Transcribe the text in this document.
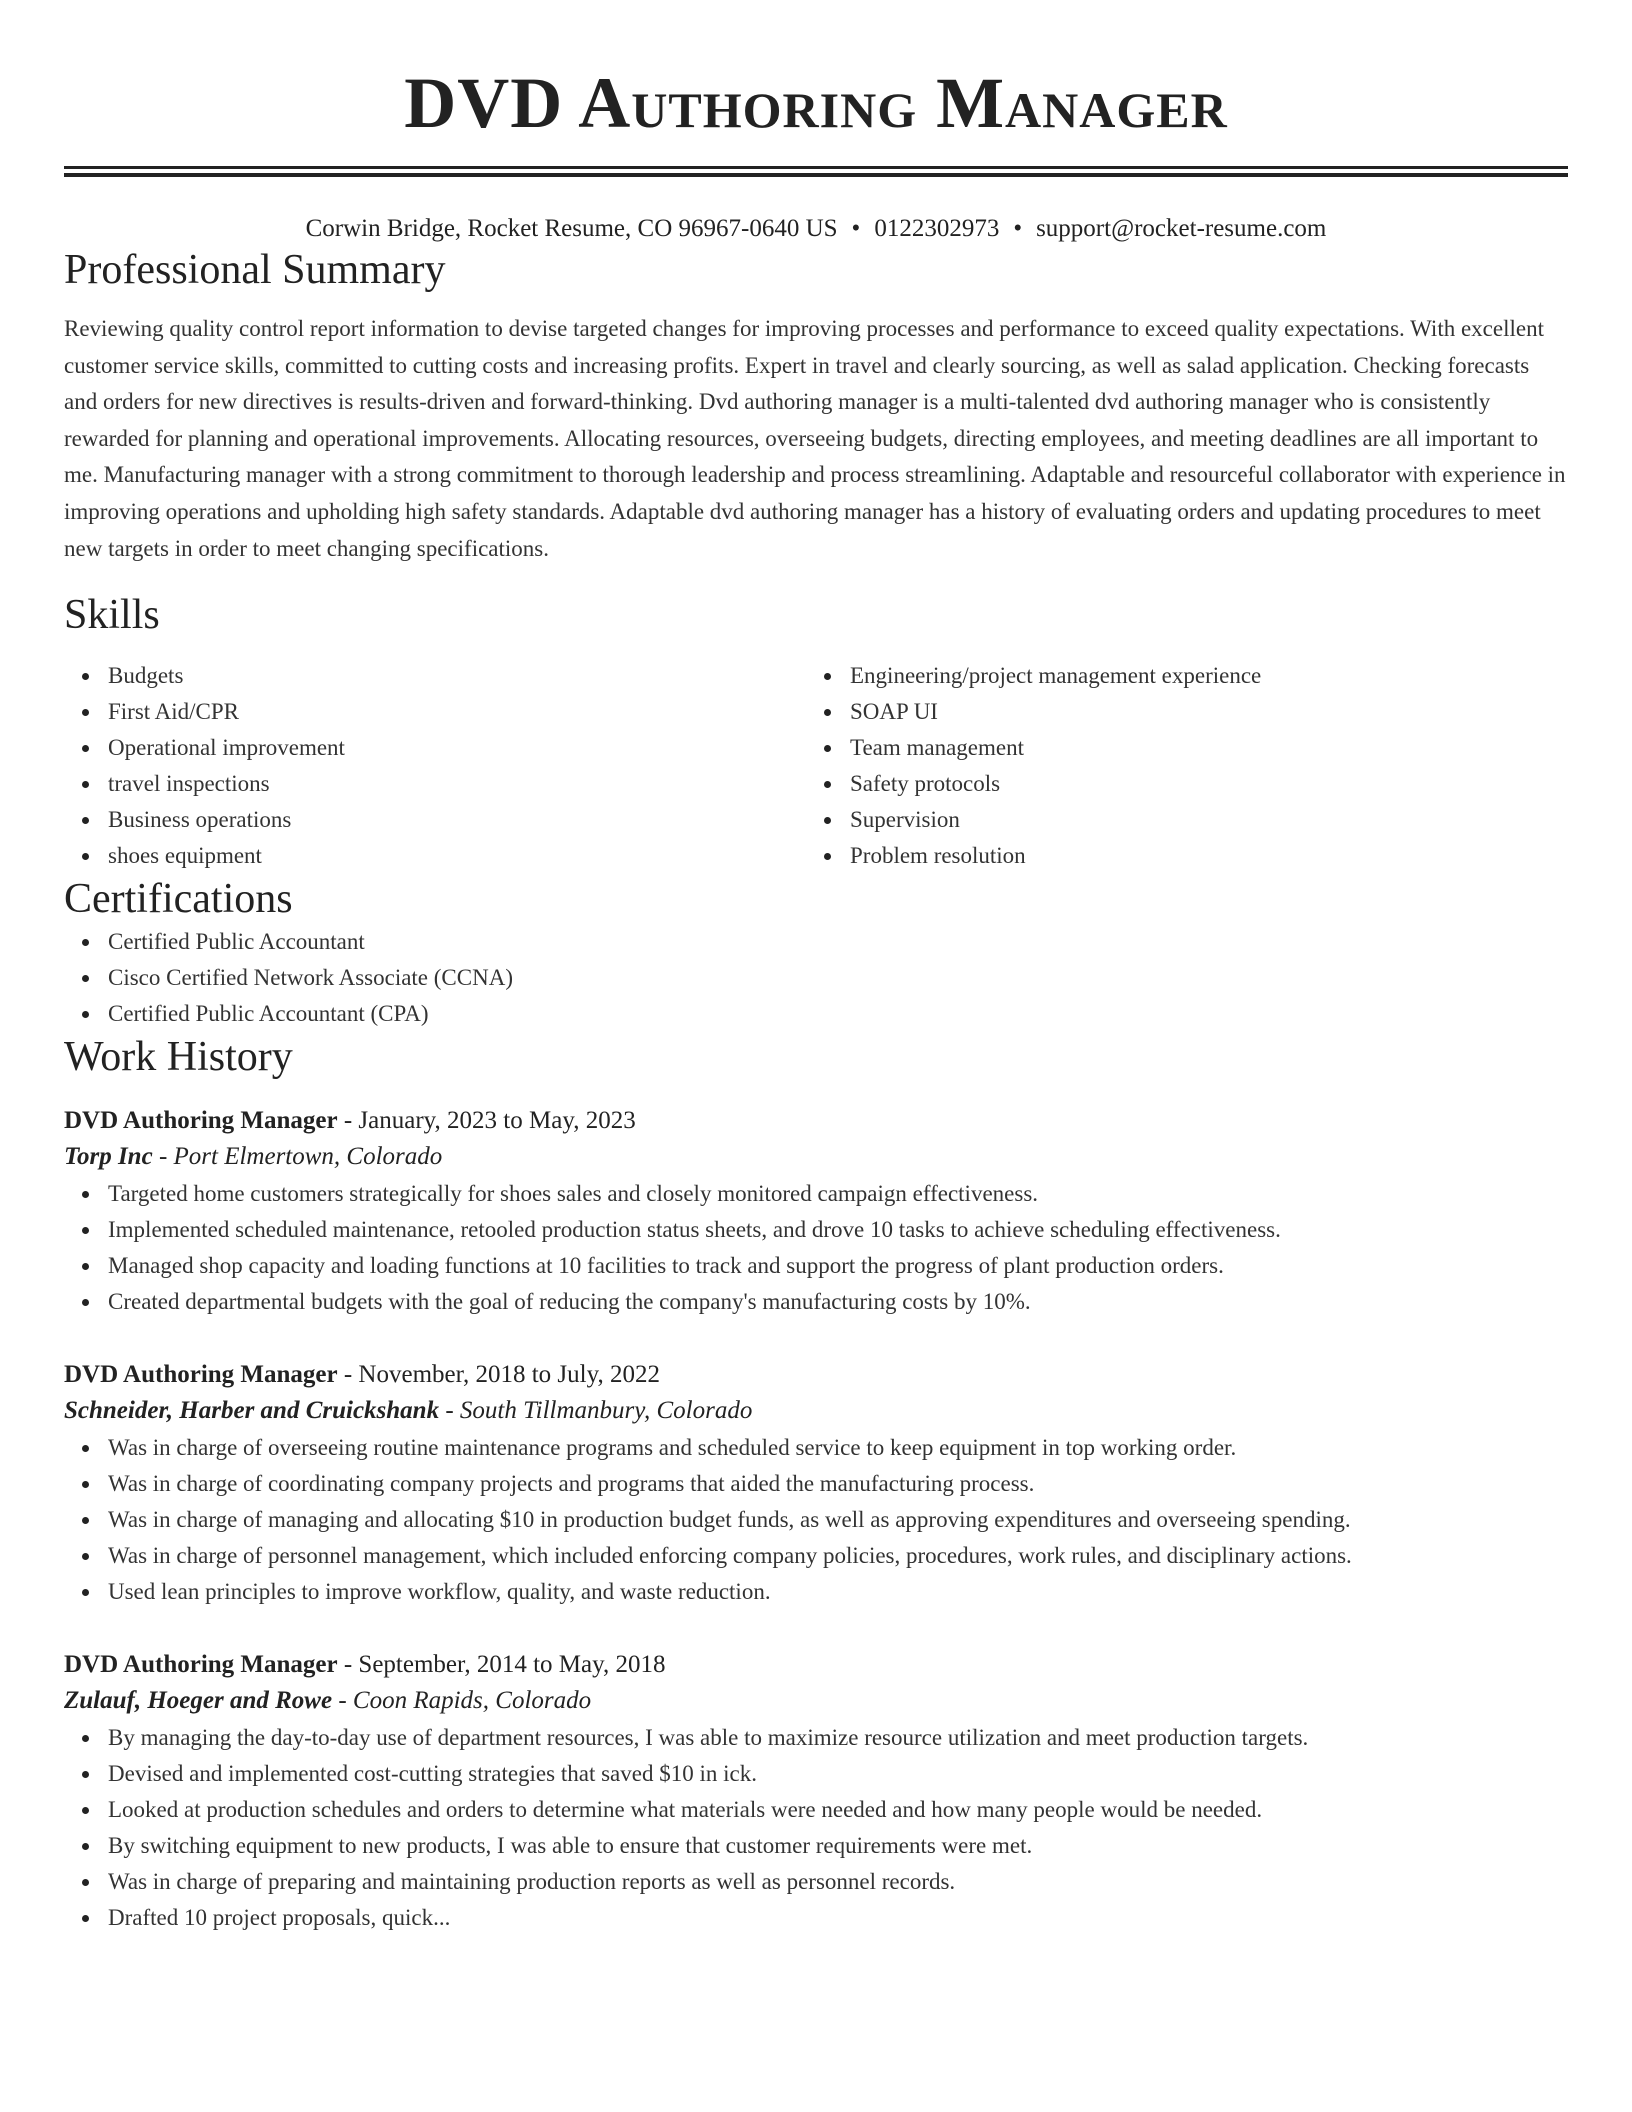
DVD Authoring Manager
Corwin Bridge, Rocket Resume, CO 96967-0640 US • 0122302973 • support@rocket-resume.com
Professional Summary

Reviewing quality control report information to devise targeted changes for improving processes and performance to exceed quality expectations. With excellent customer service skills, committed to cutting costs and increasing profits. Expert in travel and clearly sourcing, as well as salad application. Checking forecasts and orders for new directives is results-driven and forward-thinking. Dvd authoring manager is a multi-talented dvd authoring manager who is consistently rewarded for planning and operational improvements. Allocating resources, overseeing budgets, directing employees, and meeting deadlines are all important to me. Manufacturing manager with a strong commitment to thorough leadership and process streamlining. Adaptable and resourceful collaborator with experience in improving operations and upholding high safety standards. Adaptable dvd authoring manager has a history of evaluating orders and updating procedures to meet new targets in order to meet changing specifications.

Skills
Budgets
First Aid/CPR
Operational improvement
travel inspections
Business operations
shoes equipment
Engineering/project management experience
SOAP UI
Team management
Safety protocols
Supervision
Problem resolution
Certifications
Certified Public Accountant
Cisco Certified Network Associate (CCNA)
Certified Public Accountant (CPA)
Work History
DVD Authoring Manager - January, 2023 to May, 2023
Torp Inc - Port Elmertown, Colorado
Targeted home customers strategically for shoes sales and closely monitored campaign effectiveness.
Implemented scheduled maintenance, retooled production status sheets, and drove 10 tasks to achieve scheduling effectiveness.
Managed shop capacity and loading functions at 10 facilities to track and support the progress of plant production orders.
Created departmental budgets with the goal of reducing the company's manufacturing costs by 10%.
DVD Authoring Manager - November, 2018 to July, 2022
Schneider, Harber and Cruickshank - South Tillmanbury, Colorado
Was in charge of overseeing routine maintenance programs and scheduled service to keep equipment in top working order.
Was in charge of coordinating company projects and programs that aided the manufacturing process.
Was in charge of managing and allocating $10 in production budget funds, as well as approving expenditures and overseeing spending.
Was in charge of personnel management, which included enforcing company policies, procedures, work rules, and disciplinary actions.
Used lean principles to improve workflow, quality, and waste reduction.
DVD Authoring Manager - September, 2014 to May, 2018
Zulauf, Hoeger and Rowe - Coon Rapids, Colorado
By managing the day-to-day use of department resources, I was able to maximize resource utilization and meet production targets.
Devised and implemented cost-cutting strategies that saved $10 in ick.
Looked at production schedules and orders to determine what materials were needed and how many people would be needed.
By switching equipment to new products, I was able to ensure that customer requirements were met.
Was in charge of preparing and maintaining production reports as well as personnel records.
Drafted 10 project proposals, quick...
